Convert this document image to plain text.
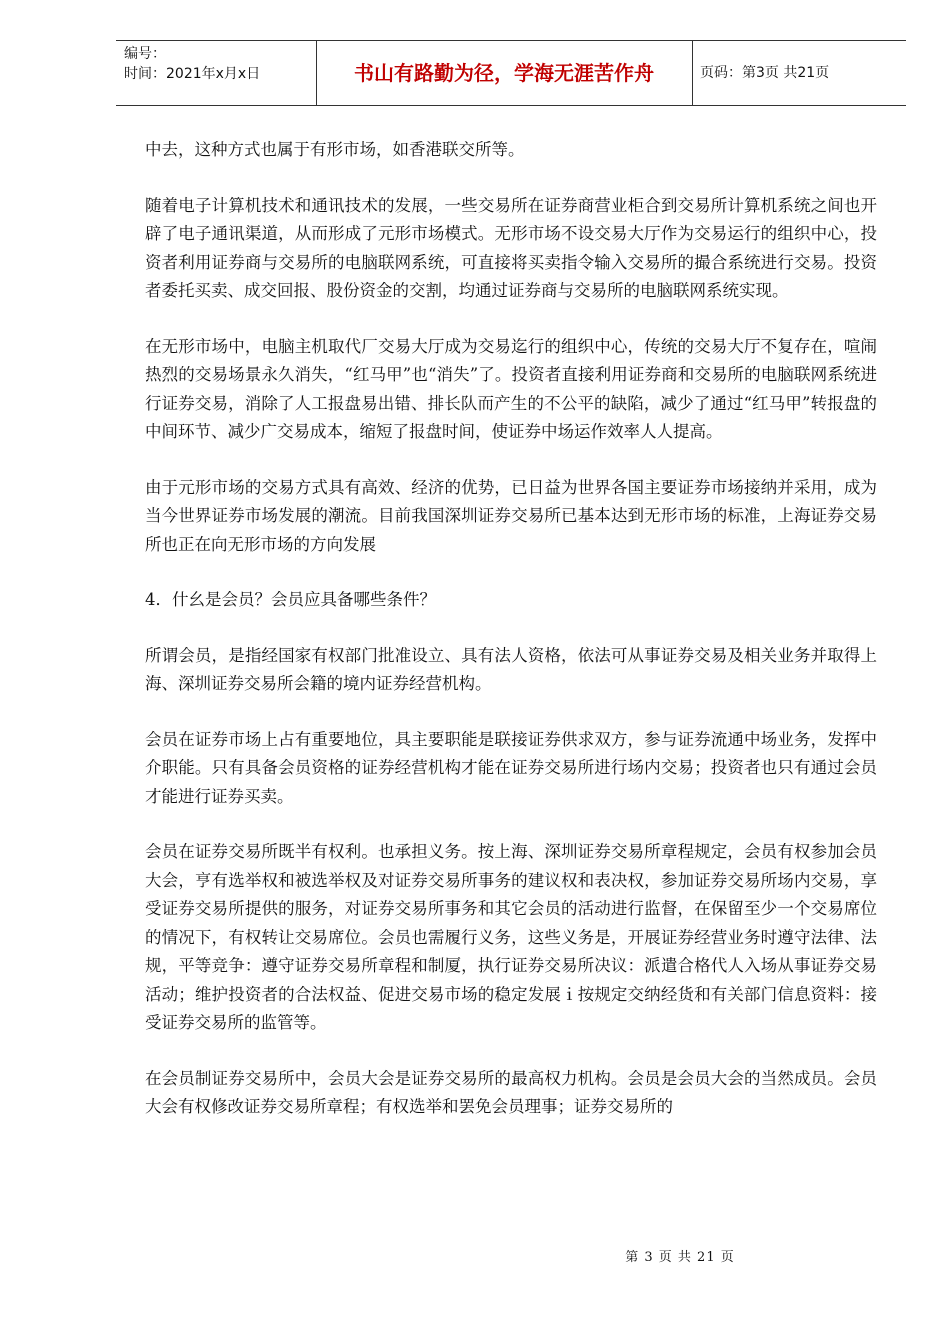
编号：
时间：2021年x月x日	书山有路勤为径，学海无涯苦作舟	页码：第3页 共21页

中去，这种方式也属于有形市场，如香港联交所等。

随着电子计算机技术和通讯技术的发展，一些交易所在证券商营业柜合到交易所计算机系统之间也开辟了电子通讯渠道，从而形成了元形市场模式。无形市场不设交易大厅作为交易运行的组织中心，投资者利用证券商与交易所的电脑联网系统，可直接将买卖指令输入交易所的撮合系统进行交易。投资者委托买卖、成交回报、股份资金的交割，均通过证券商与交易所的电脑联网系统实现。

在无形市场中，电脑主机取代厂交易大厅成为交易迄行的组织中心，传统的交易大厅不复存在，喧闹热烈的交易场景永久消失，“红马甲”也“消失”了。投资者直接利用证券商和交易所的电脑联网系统进行证券交易，消除了人工报盘易出错、排长队而产生的不公平的缺陷，减少了通过“红马甲”转报盘的中间环节、减少广交易成本，缩短了报盘时间，使证券中场运作效率人人提高。

由于元形市场的交易方式具有高效、经济的优势，已日益为世界各国主要证券市场接纳并采用，成为当今世界证券市场发展的潮流。目前我国深圳证券交易所已基本达到无形市场的标准，上海证券交易所也正在向无形市场的方向发展

4．什幺是会员？会员应具备哪些条件？

所谓会员，是指经国家有权部门批准设立、具有法人资格，依法可从事证券交易及相关业务并取得上海、深圳证券交易所会籍的境内证券经营机构。

会员在证券市场上占有重要地位，具主要职能是联接证券供求双方，参与证券流通中场业务，发挥中介职能。只有具备会员资格的证券经营机构才能在证券交易所进行场内交易；投资者也只有通过会员才能进行证券买卖。

会员在证券交易所既半有权利。也承担义务。按上海、深圳证券交易所章程规定，会员有权参加会员大会，亨有选举权和被选举权及对证券交易所事务的建议权和表决权，参加证券交易所场内交易，享受证券交易所提供的服务，对证券交易所事务和其它会员的活动进行监督，在保留至少一个交易席位的情况下，有权转让交易席位。会员也需履行义务，这些义务是，开展证券经营业务时遵守法律、法规，平等竞争：遵守证券交易所章程和制厦，执行证券交易所决议：派遣合格代人入场从事证券交易活动；维护投资者的合法权益、促进交易市场的稳定发展ｉ按规定交纳经货和有关部门信息资料：接受证券交易所的监管等。

在会员制证券交易所中，会员大会是证券交易所的最高权力机构。会员是会员大会的当然成员。会员大会有权修改证券交易所章程；有权选举和罢免会员理事；证券交易所的

第 3 页 共 21 页
